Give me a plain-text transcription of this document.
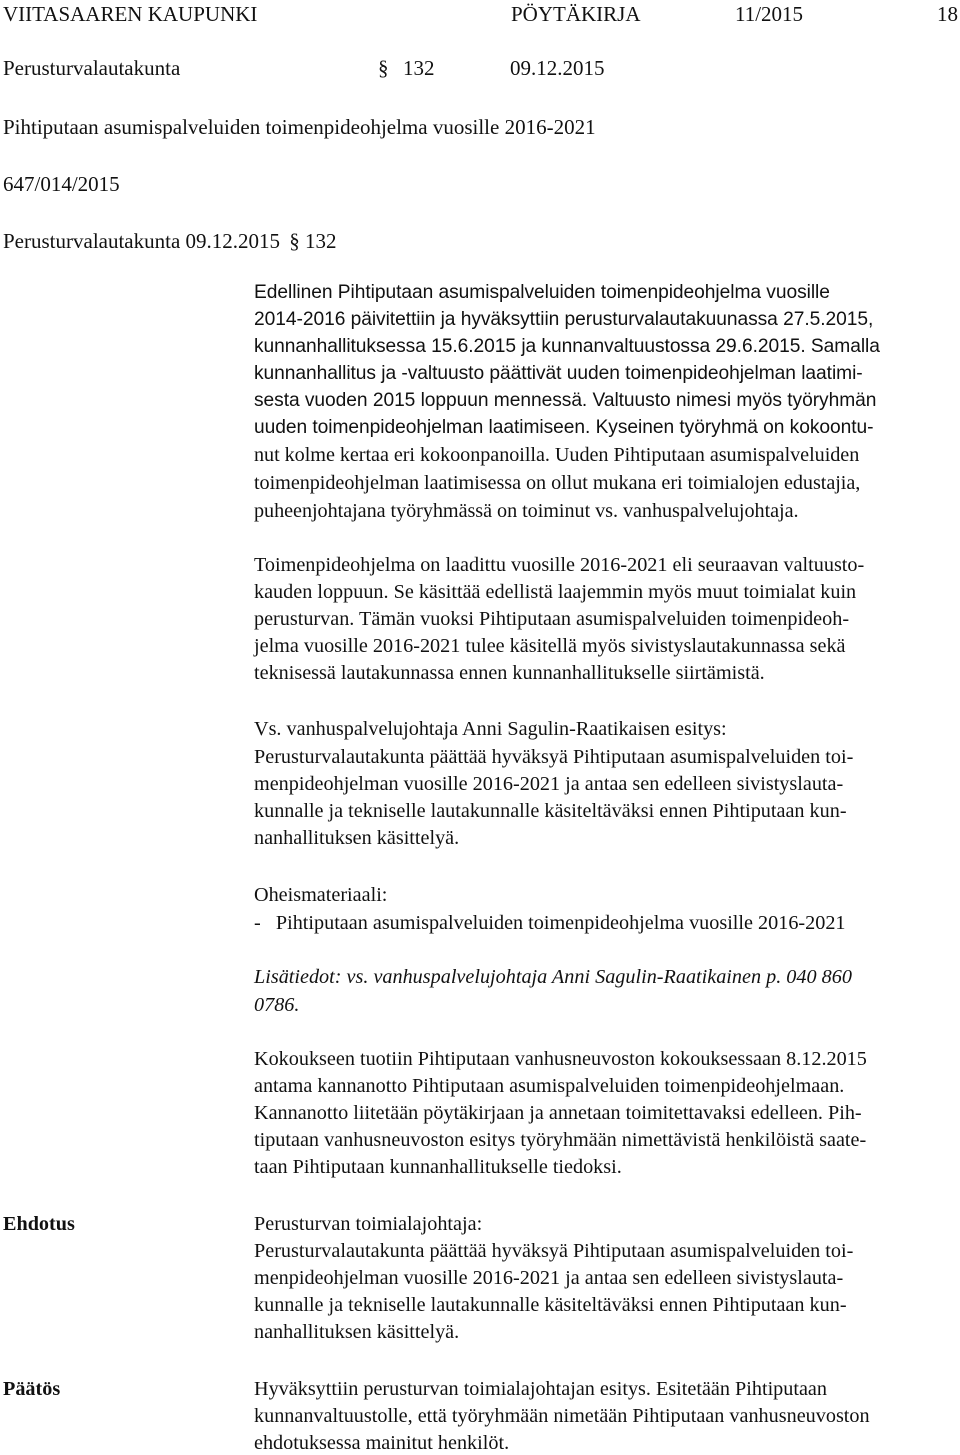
VIITASAAREN KAUPUNKI	PÖYTÄKIRJA	11/2015	18
Perusturvalautakunta	§ 132	09.12.2015
Pihtiputaan asumispalveluiden toimenpideohjelma vuosille 2016-2021
647/014/2015
Perusturvalautakunta 09.12.2015 § 132

Edellinen Pihtiputaan asumispalveluiden toimenpideohjelma vuosille

2014-2016 päivitettiin ja hyväksyttiin perusturvalautakuunassa 27.5.2015,

kunnanhallituksessa 15.6.2015 ja kunnanvaltuustossa 29.6.2015. Samalla

kunnanhallitus ja -valtuusto päättivät uuden toimenpideohjelman laatimi-

sesta vuoden 2015 loppuun mennessä. Valtuusto nimesi myös työryhmän

uuden toimenpideohjelman laatimiseen. Kyseinen työryhmä on kokoontu-

nut kolme kertaa eri kokoonpanoilla. Uuden Pihtiputaan asumispalveluiden

toimenpideohjelman laatimisessa on ollut mukana eri toimialojen edustajia,

puheenjohtajana työryhmässä on toiminut vs. vanhuspalvelujohtaja.

Toimenpideohjelma on laadittu vuosille 2016-2021 eli seuraavan valtuusto-

kauden loppuun. Se käsittää edellistä laajemmin myös muut toimialat kuin

perusturvan. Tämän vuoksi Pihtiputaan asumispalveluiden toimenpideoh-

jelma vuosille 2016-2021 tulee käsitellä myös sivistyslautakunnassa sekä

teknisessä lautakunnassa ennen kunnanhallitukselle siirtämistä.

Vs. vanhuspalvelujohtaja Anni Sagulin-Raatikaisen esitys:

Perusturvalautakunta päättää hyväksyä Pihtiputaan asumispalveluiden toi-

menpideohjelman vuosille 2016-2021 ja antaa sen edelleen sivistyslauta-

kunnalle ja tekniselle lautakunnalle käsiteltäväksi ennen Pihtiputaan kun-

nanhallituksen käsittelyä.

Oheismateriaali:

-   Pihtiputaan asumispalveluiden toimenpideohjelma vuosille 2016-2021

Lisätiedot: vs. vanhuspalvelujohtaja Anni Sagulin-Raatikainen p. 040 860

0786.

Kokoukseen tuotiin Pihtiputaan vanhusneuvoston kokouksessaan 8.12.2015

antama kannanotto Pihtiputaan asumispalveluiden toimenpideohjelmaan.

Kannanotto liitetään pöytäkirjaan ja annetaan toimitettavaksi edelleen. Pih-

tiputaan vanhusneuvoston esitys työryhmään nimettävistä henkilöistä saate-

taan Pihtiputaan kunnanhallitukselle tiedoksi.

Ehdotus	Perusturvan toimialajohtaja:

Perusturvalautakunta päättää hyväksyä Pihtiputaan asumispalveluiden toi-

menpideohjelman vuosille 2016-2021 ja antaa sen edelleen sivistyslauta-

kunnalle ja tekniselle lautakunnalle käsiteltäväksi ennen Pihtiputaan kun-

nanhallituksen käsittelyä.

Päätös	Hyväksyttiin perusturvan toimialajohtajan esitys. Esitetään Pihtiputaan

kunnanvaltuustolle, että työryhmään nimetään Pihtiputaan vanhusneuvoston

ehdotuksessa mainitut henkilöt.
